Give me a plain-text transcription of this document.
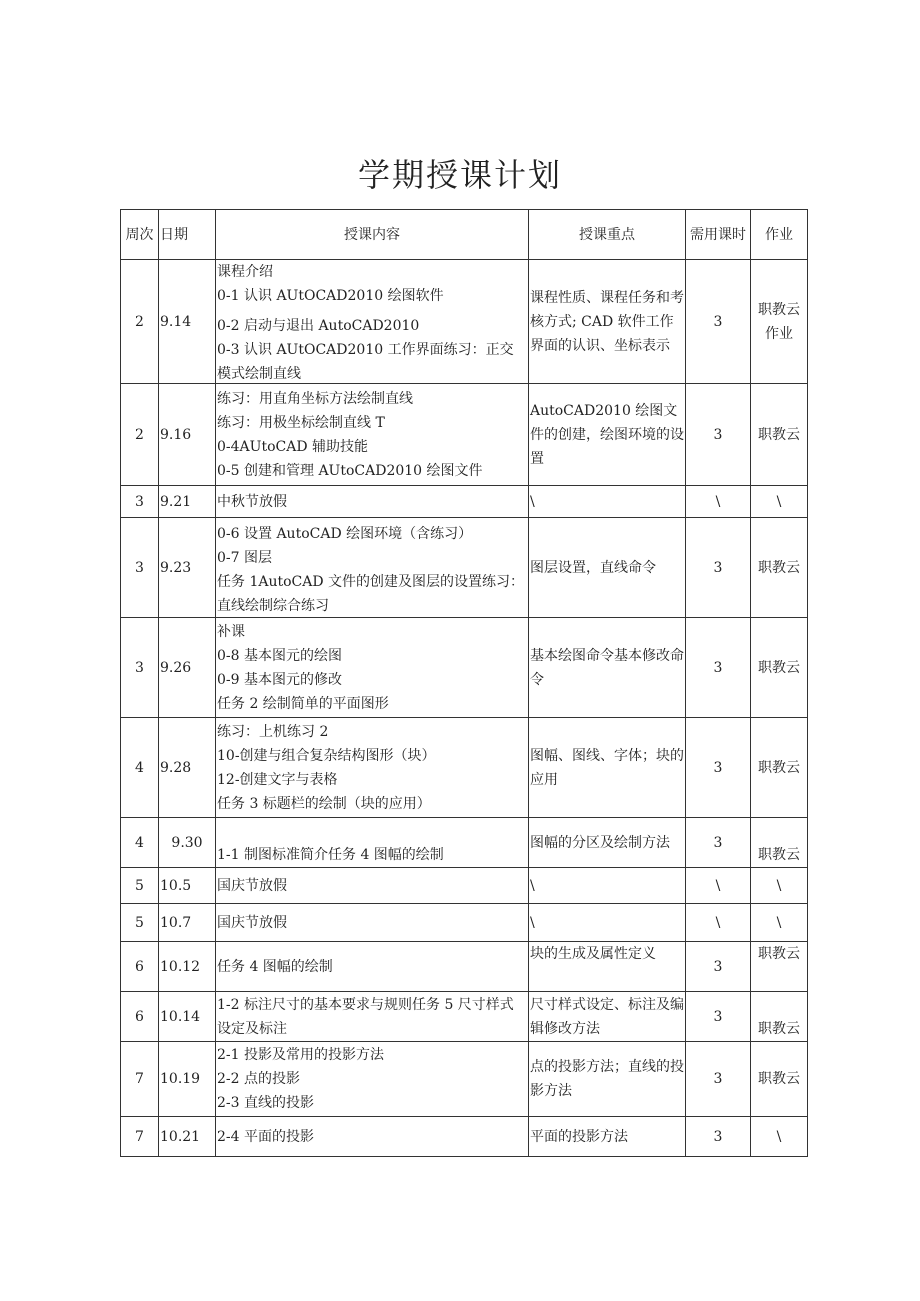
学期授课计划
周次	日期	授课内容	授课重点	需用课时	作业
2	9.14	课程介绍
0-1 认识 AUtOCAD2010 绘图软件
0-2 启动与退出 AutoCAD2010
0-3 认识 AUtOCAD2010 工作界面练习：正交模式绘制直线	课程性质、课程任务和考核方式; CAD 软件工作界面的认识、坐标表示	3	职教云作业
2	9.16	练习：用直角坐标方法绘制直线
练习：用极坐标绘制直线 T
0-4AUtoCAD 辅助技能
0-5 创建和管理 AUtoCAD2010 绘图文件	AutoCAD2010 绘图文件的创建，绘图环境的设置	3	职教云
3	9.21	中秋节放假	\	\	\
3	9.23	0-6 设置 AutoCAD 绘图环境（含练习）
0-7 图层
任务 1AutoCAD 文件的创建及图层的设置练习：直线绘制综合练习	图层设置，直线命令	3	职教云
3	9.26	补课
0-8 基本图元的绘图
0-9 基本图元的修改
任务 2 绘制简单的平面图形	基本绘图命令基本修改命令	3	职教云
4	9.28	练习：上机练习 2
10-创建与组合复杂结构图形（块）
12-创建文字与表格
任务 3 标题栏的绘制（块的应用）	图幅、图线、字体；块的应用	3	职教云
4	9.30	1-1 制图标准简介任务 4 图幅的绘制	图幅的分区及绘制方法	3	职教云
5	10.5	国庆节放假	\	\	\
5	10.7	国庆节放假	\	\	\
6	10.12	任务 4 图幅的绘制	块的生成及属性定义	3	职教云
6	10.14	1-2 标注尺寸的基本要求与规则任务 5 尺寸样式设定及标注	尺寸样式设定、标注及编辑修改方法	3	职教云
7	10.19	2-1 投影及常用的投影方法
2-2 点的投影
2-3 直线的投影	点的投影方法；直线的投影方法	3	职教云
7	10.21	2-4 平面的投影	平面的投影方法	3	\
